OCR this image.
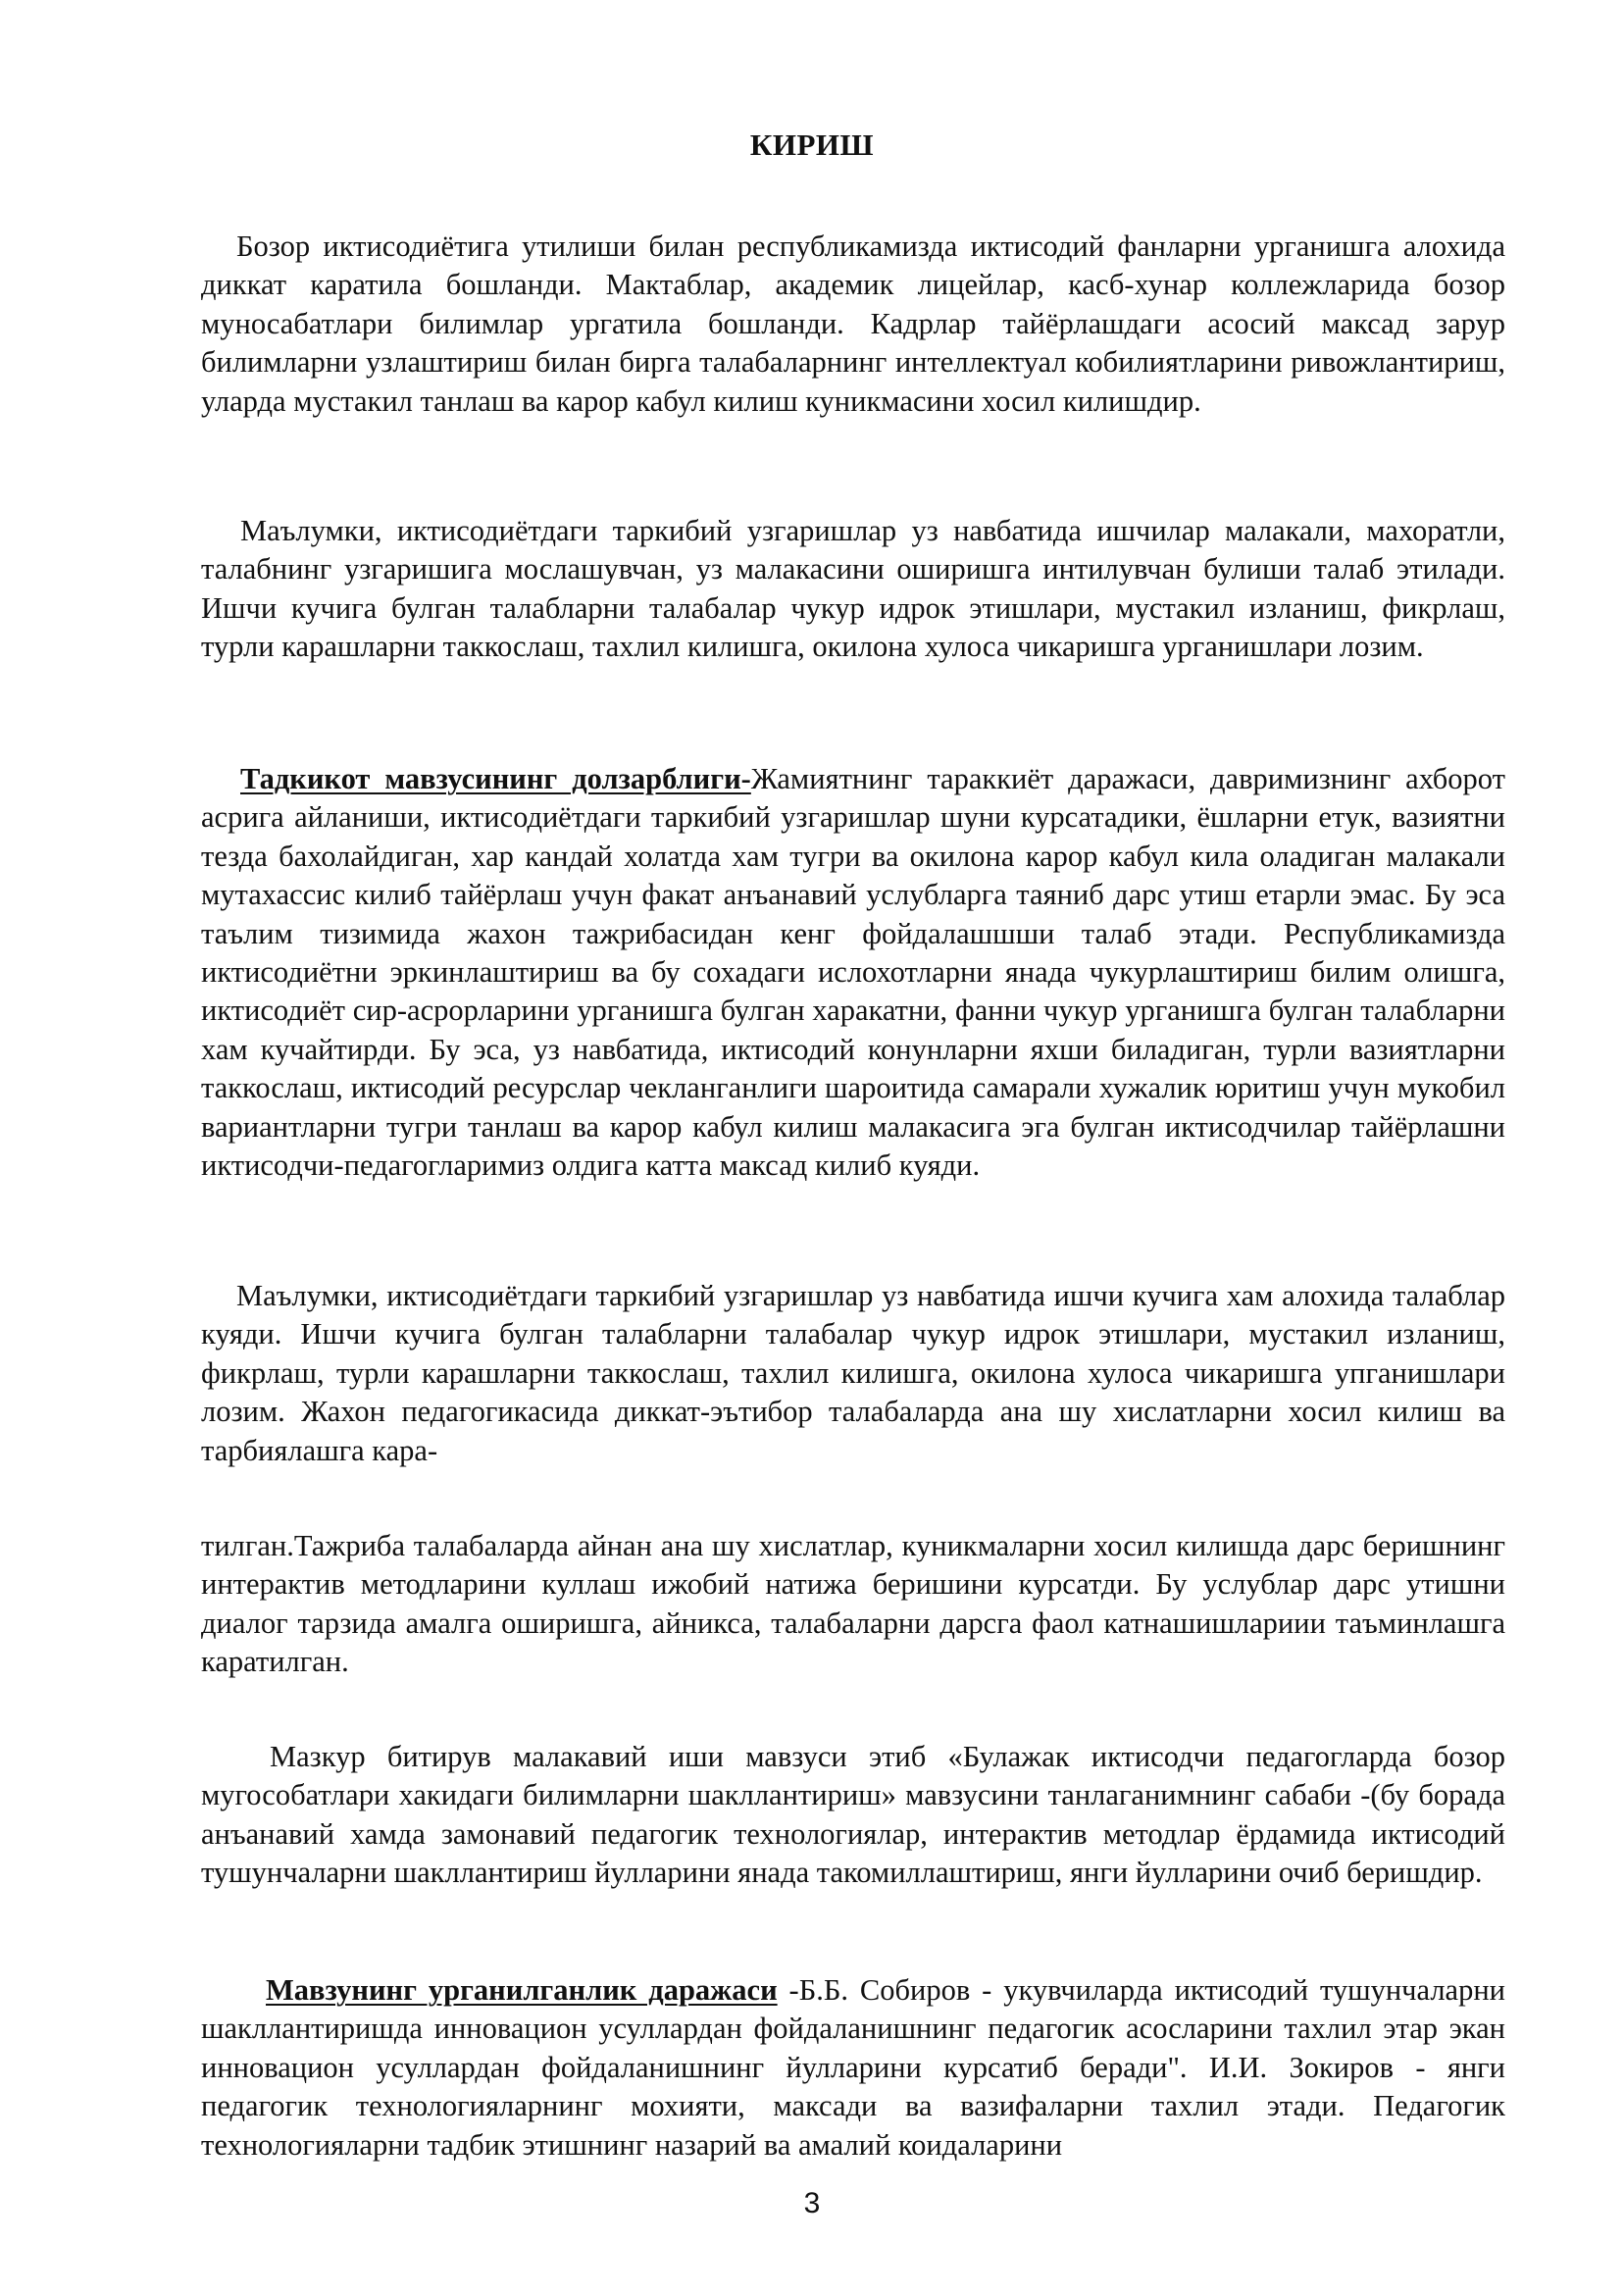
КИРИШ

Бозор иктисодиётига утилиши билан республикамизда иктисодий фанларни урганишга алохида диккат каратила бошланди. Мактаблар, академик лицейлар, касб-хунар коллежларида бозор муносабатлари билимлар ургатила бошланди. Кадрлар тайёрлашдаги асосий максад зарур билимларни узлаштириш билан бирга талабаларнинг интеллектуал кобилиятларини ривожлантириш, уларда мустакил танлаш ва карор кабул килиш куникмасини хосил килишдир.

Маълумки, иктисодиётдаги таркибий узгаришлар уз навбатида ишчилар малакали, махоратли, талабнинг узгаришига мослашувчан, уз малакасини оширишга интилувчан булиши талаб этилади. Ишчи кучига булган талабларни талабалар чукур идрок этишлари, мустакил изланиш, фикрлаш, турли карашларни таккослаш, тахлил килишга, окилона хулоса чикаришга урганишлари лозим.

Тадкикот мавзусининг долзарблиги-Жамиятнинг тараккиёт даражаси, давримизнинг ахборот асрига айланиши, иктисодиётдаги таркибий узгаришлар шуни курсатадики, ёшларни етук, вазиятни тезда бахолайдиган, хар кандай холатда хам тугри ва окилона карор кабул кила оладиган малакали мутахассис килиб тайёрлаш учун факат анъанавий услубларга таяниб дарс утиш етарли эмас. Бу эса таълим тизимида жахон тажрибасидан кенг фойдалашшши талаб этади. Республикамизда иктисодиётни эркинлаштириш ва бу сохадаги ислохотларни янада чукурлаштириш билим олишга, иктисодиёт сир-асрорларини урганишга булган харакатни, фанни чукур урганишга булган талабларни хам кучайтирди. Бу эса, уз навбатида, иктисодий конунларни яхши биладиган, турли вазиятларни таккослаш, иктисодий ресурслар чекланганлиги шароитида самарали хужалик юритиш учун мукобил вариантларни тугри танлаш ва карор кабул килиш малакасига эга булган иктисодчилар тайёрлашни иктисодчи-педагогларимиз олдига катта максад килиб куяди.

Маълумки, иктисодиётдаги таркибий узгаришлар уз навбатида ишчи кучига хам алохида талаблар куяди. Ишчи кучига булган талабларни талабалар чукур идрок этишлари, мустакил изланиш, фикрлаш, турли карашларни таккослаш, тахлил килишга, окилона хулоса чикаришга упганишлари лозим. Жахон педагогикасида диккат-эътибор талабаларда ана шу хислатларни хосил килиш ва тарбиялашга кара-

тилган.Тажриба талабаларда айнан ана шу хислатлар, куникмаларни хосил килишда дарс беришнинг интерактив методларини куллаш ижобий натижа беришини курсатди. Бу услублар дарс утишни диалог тарзида амалга оширишга, айникса, талабаларни дарсга фаол катнашишлариии таъминлашга каратилган.

Мазкур битирув малакавий иши мавзуси этиб «Булажак иктисодчи педагогларда бозор мугособатлари хакидаги билимларни шакллантириш» мавзусини танлаганимнинг сабаби -(бу борада анъанавий хамда замонавий педагогик технологиялар, интерактив методлар ёрдамида иктисодий тушунчаларни шакллантириш йулларини янада такомиллаштириш, янги йулларини очиб беришдир.

Мавзунинг урганилганлик даражаси -Б.Б. Собиров - укувчиларда иктисодий тушунчаларни шакллантиришда инновацион усуллардан фойдаланишнинг педагогик асосларини тахлил этар экан инновацион усуллардан фойдаланишнинг йулларини курсатиб беради". И.И. Зокиров - янги педагогик технологияларнинг мохияти, максади ва вазифаларни тахлил этади. Педагогик технологияларни тадбик этишнинг назарий ва амалий коидаларини

3
